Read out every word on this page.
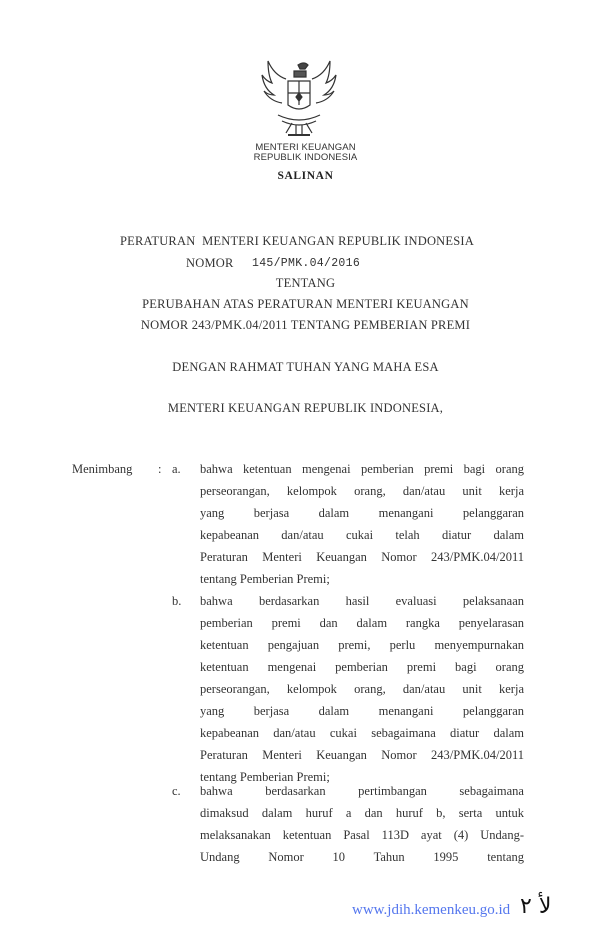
MENTERI KEUANGAN
REPUBLIK INDONESIA
SALINAN
PERATURAN  MENTERI KEUANGAN REPUBLIK INDONESIA
NOMOR 145/PMK.04/2016
TENTANG
PERUBAHAN ATAS PERATURAN MENTERI KEUANGAN
NOMOR 243/PMK.04/2011 TENTANG PEMBERIAN PREMI
DENGAN RAHMAT TUHAN YANG MAHA ESA
MENTERI KEUANGAN REPUBLIK INDONESIA,
Menimbang : a. bahwa ketentuan mengenai pemberian premi bagi orang
perseorangan, kelompok orang, dan/atau unit kerja
yang berjasa dalam menangani pelanggaran
kepabeanan dan/atau cukai telah diatur dalam
Peraturan Menteri Keuangan Nomor 243/PMK.04/2011
tentang Pemberian Premi;
b. bahwa berdasarkan hasil evaluasi pelaksanaan
pemberian premi dan dalam rangka penyelarasan
ketentuan pengajuan premi, perlu menyempurnakan
ketentuan mengenai pemberian premi bagi orang
perseorangan, kelompok orang, dan/atau unit kerja
yang berjasa dalam menangani pelanggaran
kepabeanan dan/atau cukai sebagaimana diatur dalam
Peraturan Menteri Keuangan Nomor 243/PMK.04/2011
tentang Pemberian Premi;
c. bahwa berdasarkan pertimbangan sebagaimana
dimaksud dalam huruf a dan huruf b, serta untuk
melaksanakan ketentuan Pasal 113D ayat (4) Undang-
Undang Nomor 10 Tahun 1995 tentang
www.jdih.kemenkeu.go.id ﻷ ٢
